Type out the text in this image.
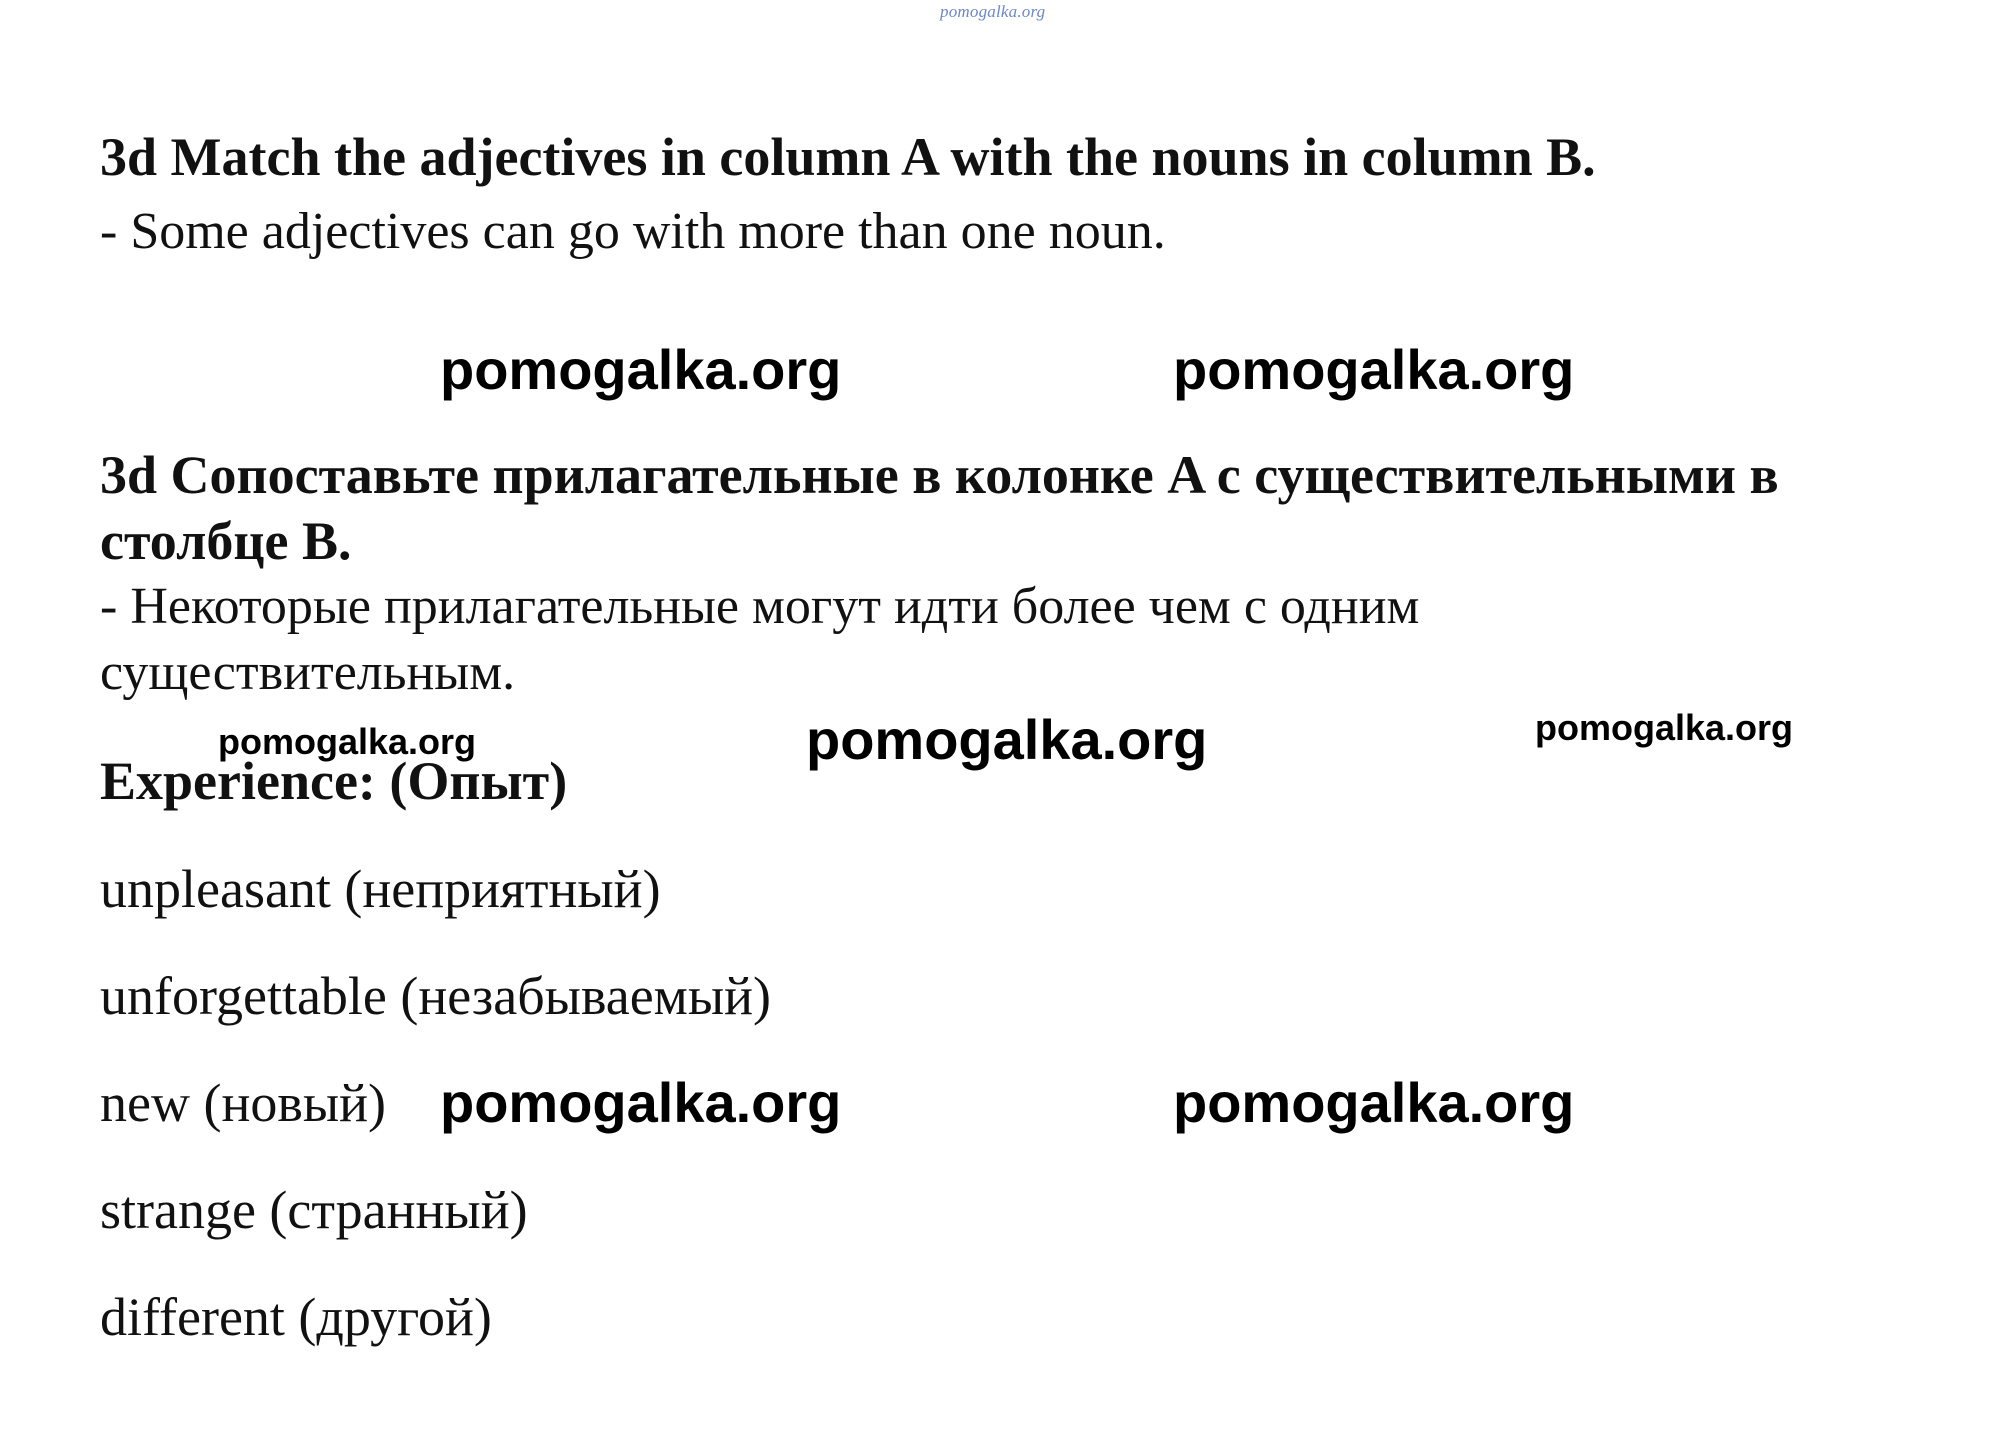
pomogalka.org
3d Match the adjectives in column A with the nouns in column B.
- Some adjectives can go with more than one noun.
pomogalka.org	pomogalka.org
3d Сопоставьте прилагательные в колонке A с существительными в столбце B.
- Некоторые прилагательные могут идти более чем с одним существительным.
pomogalka.org	pomogalka.org	pomogalka.org
Experience: (Опыт)
unpleasant (неприятный)
unforgettable (незабываемый)
new (новый)
strange (странный)
different (другой)
pomogalka.org	pomogalka.org
